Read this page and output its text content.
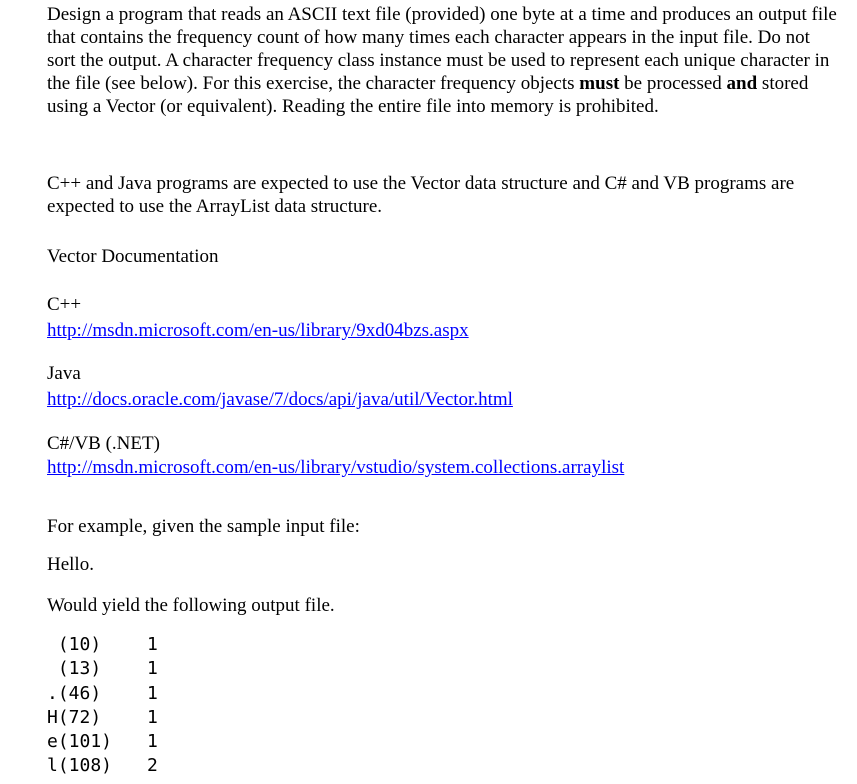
Design a program that reads an ASCII text file (provided) one byte at a time and produces an output file that contains the frequency count of how many times each character appears in the input file. Do not sort the output. A character frequency class instance must be used to represent each unique character in the file (see below). For this exercise, the character frequency objects must be processed and stored using a Vector (or equivalent). Reading the entire file into memory is prohibited.

C++ and Java programs are expected to use the Vector data structure and C# and VB programs are expected to use the ArrayList data structure.

Vector Documentation

C++

http://msdn.microsoft.com/en-us/library/9xd04bzs.aspx

Java

http://docs.oracle.com/javase/7/docs/api/java/util/Vector.html

C#/VB (.NET)

http://msdn.microsoft.com/en-us/library/vstudio/system.collections.arraylist

For example, given the sample input file:

Hello.

Would yield the following output file.

(10)	1
(13)	1
.(46)	1
H(72)	1
e(101)	1
l(108)	2
